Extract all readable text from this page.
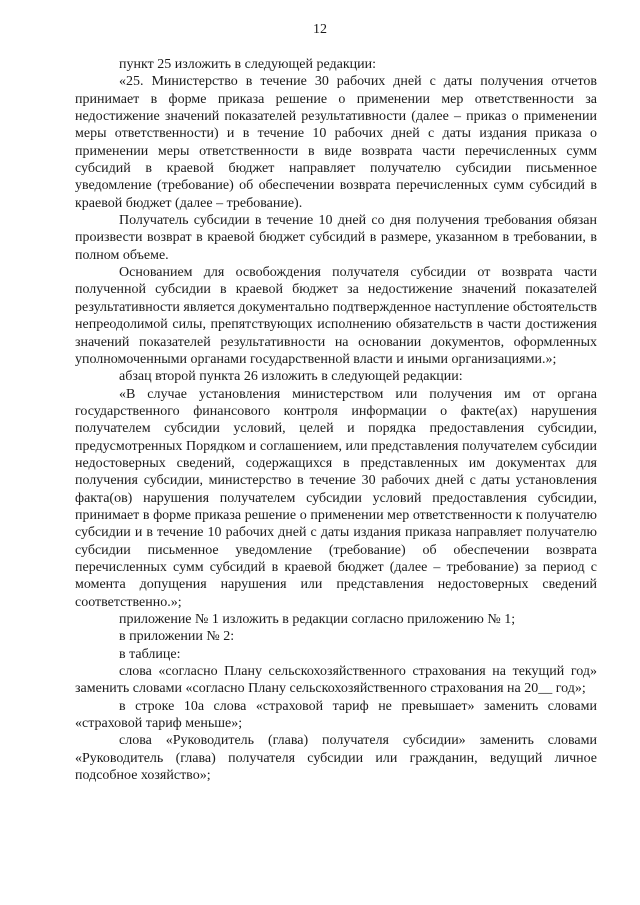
12

пункт 25 изложить в следующей редакции:

«25. Министерство в течение 30 рабочих дней с даты получения отчетов принимает в форме приказа решение о применении мер ответственности за недостижение значений показателей результативности (далее – приказ о применении меры ответственности) и в течение 10 рабочих дней с даты издания приказа о применении меры ответственности в виде возврата части перечисленных сумм субсидий в краевой бюджет направляет получателю субсидии письменное уведомление (требование) об обеспечении возврата перечисленных сумм субсидий в краевой бюджет (далее – требование).

Получатель субсидии в течение 10 дней со дня получения требования обязан произвести возврат в краевой бюджет субсидий в размере, указанном в требовании, в полном объеме.

Основанием для освобождения получателя субсидии от возврата части полученной субсидии в краевой бюджет за недостижение значений показателей результативности является документально подтвержденное наступление обстоятельств непреодолимой силы, препятствующих исполнению обязательств в части достижения значений показателей результативности на основании документов, оформленных уполномоченными органами государственной власти и иными организациями.»;

абзац второй пункта 26 изложить в следующей редакции:

«В случае установления министерством или получения им от органа государственного финансового контроля информации о факте(ах) нарушения получателем субсидии условий, целей и порядка предоставления субсидии, предусмотренных Порядком и соглашением, или представления получателем субсидии недостоверных сведений, содержащихся в представленных им документах для получения субсидии, министерство в течение 30 рабочих дней с даты установления факта(ов) нарушения получателем субсидии условий предоставления субсидии, принимает в форме приказа решение о применении мер ответственности к получателю субсидии и в течение 10 рабочих дней с даты издания приказа направляет получателю субсидии письменное уведомление (требование) об обеспечении возврата перечисленных сумм субсидий в краевой бюджет (далее – требование) за период с момента допущения нарушения или представления недостоверных сведений соответственно.»;

приложение № 1 изложить в редакции согласно приложению № 1;

в приложении № 2:

в таблице:

слова «согласно Плану сельскохозяйственного страхования на текущий год» заменить словами «согласно Плану сельскохозяйственного страхования на 20__ год»;

в строке 10а слова «страховой тариф не превышает» заменить словами «страховой тариф меньше»;

слова «Руководитель (глава) получателя субсидии» заменить словами «Руководитель (глава) получателя субсидии или гражданин, ведущий личное подсобное хозяйство»;
